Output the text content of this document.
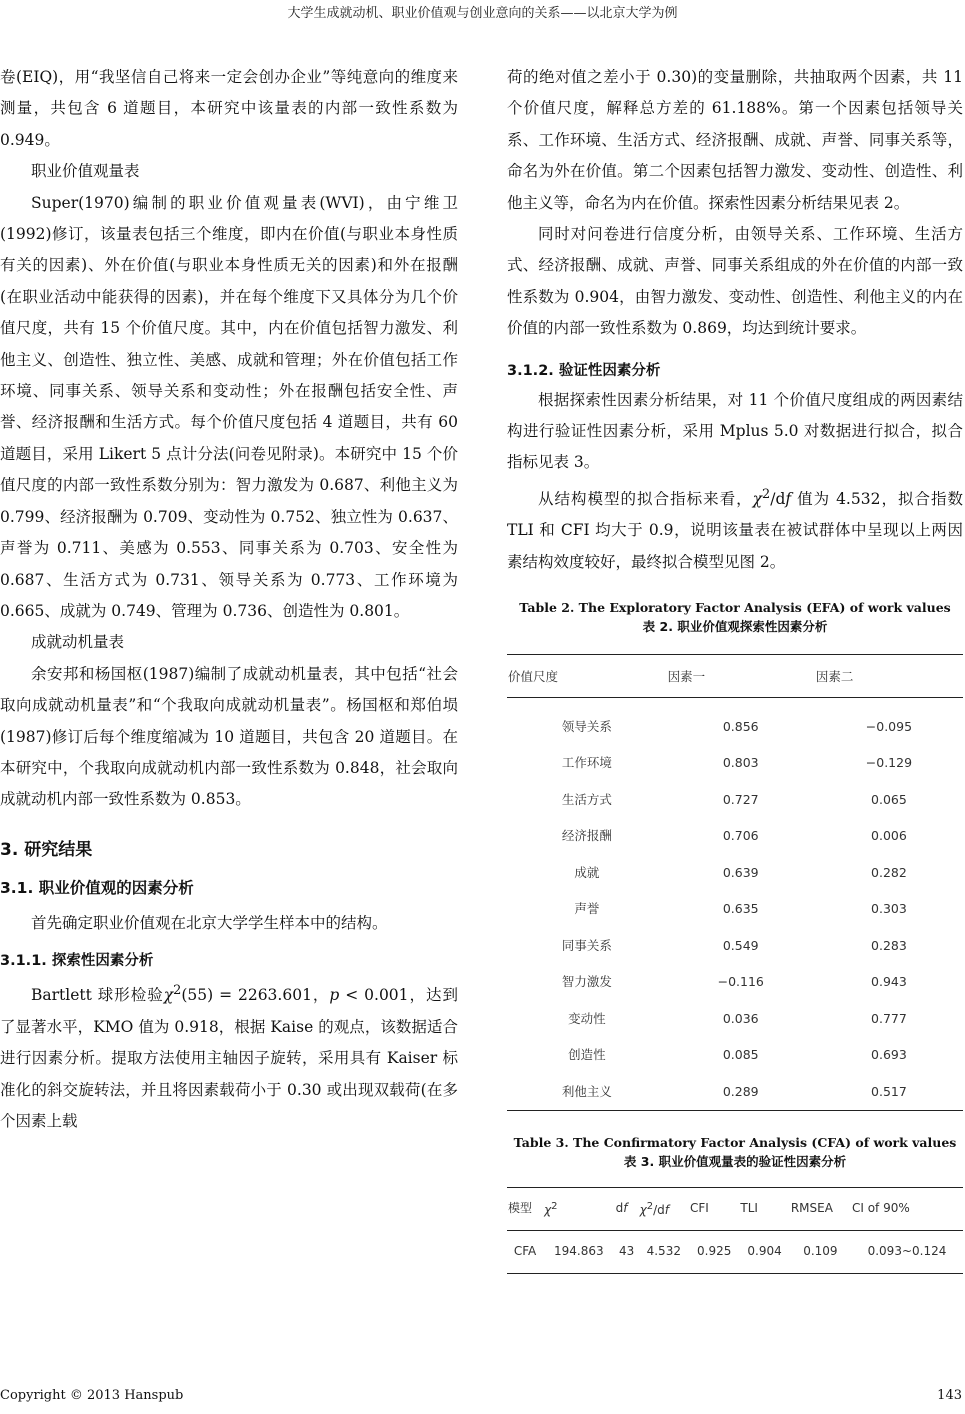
大学生成就动机、职业价值观与创业意向的关系——以北京大学为例

卷(EIQ)，用“我坚信自己将来一定会创办企业”等纯意向的维度来测量，共包含 6 道题目，本研究中该量表的内部一致性系数为 0.949。

职业价值观量表

Super(1970)编制的职业价值观量表(WVI)，由宁维卫(1992)修订，该量表包括三个维度，即内在价值(与职业本身性质有关的因素)、外在价值(与职业本身性质无关的因素)和外在报酬(在职业活动中能获得的因素)，并在每个维度下又具体分为几个价值尺度，共有 15 个价值尺度。其中，内在价值包括智力激发、利他主义、创造性、独立性、美感、成就和管理；外在价值包括工作环境、同事关系、领导关系和变动性；外在报酬包括安全性、声誉、经济报酬和生活方式。每个价值尺度包括 4 道题目，共有 60 道题目，采用 Likert 5 点计分法(问卷见附录)。本研究中 15 个价值尺度的内部一致性系数分别为：智力激发为 0.687、利他主义为 0.799、经济报酬为 0.709、变动性为 0.752、独立性为 0.637、声誉为 0.711、美感为 0.553、同事关系为 0.703、安全性为 0.687、生活方式为 0.731、领导关系为 0.773、工作环境为 0.665、成就为 0.749、管理为 0.736、创造性为 0.801。

成就动机量表

余安邦和杨国枢(1987)编制了成就动机量表，其中包括“社会取向成就动机量表”和“个我取向成就动机量表”。杨国枢和郑伯埙(1987)修订后每个维度缩减为 10 道题目，共包含 20 道题目。在本研究中，个我取向成就动机内部一致性系数为 0.848，社会取向成就动机内部一致性系数为 0.853。

3. 研究结果
3.1. 职业价值观的因素分析

首先确定职业价值观在北京大学学生样本中的结构。

3.1.1. 探索性因素分析

Bartlett 球形检验$\chi^2(55) = 2263.601$，p < 0.001，达到了显著水平，KMO 值为 0.918，根据 Kaise 的观点，该数据适合进行因素分析。提取方法使用主轴因子旋转，采用具有 Kaiser 标准化的斜交旋转法，并且将因素载荷小于 0.30 或出现双载荷(在多个因素上载

荷的绝对值之差小于 0.30)的变量删除，共抽取两个因素，共 11 个价值尺度，解释总方差的 61.188%。第一个因素包括领导关系、工作环境、生活方式、经济报酬、成就、声誉、同事关系等，命名为外在价值。第二个因素包括智力激发、变动性、创造性、利他主义等，命名为内在价值。探索性因素分析结果见表 2。

同时对问卷进行信度分析，由领导关系、工作环境、生活方式、经济报酬、成就、声誉、同事关系组成的外在价值的内部一致性系数为 0.904，由智力激发、变动性、创造性、利他主义的内在价值的内部一致性系数为 0.869，均达到统计要求。

3.1.2. 验证性因素分析

根据探索性因素分析结果，对 11 个价值尺度组成的两因素结构进行验证性因素分析，采用 Mplus 5.0 对数据进行拟合，拟合指标见表 3。

从结构模型的拟合指标来看，$\chi^2/df$ 值为 4.532，拟合指数 TLI 和 CFI 均大于 0.9，说明该量表在被试群体中呈现以上两因素结构效度较好，最终拟合模型见图 2。

Table 2. The Exploratory Factor Analysis (EFA) of work values
表 2. 职业价值观探索性因素分析
价值尺度	因素一	因素二

领导关系	0.856	−0.095
工作环境	0.803	−0.129
生活方式	0.727	0.065
经济报酬	0.706	0.006
成就	0.639	0.282
声誉	0.635	0.303
同事关系	0.549	0.283
智力激发	−0.116	0.943
变动性	0.036	0.777
创造性	0.085	0.693
利他主义	0.289	0.517
Table 3. The Confirmatory Factor Analysis (CFA) of work values
表 3. 职业价值观量表的验证性因素分析
模型	$\chi^2$	df	$\chi^2/df$	CFI	TLI	RMSEA	CI of 90%
CFA	194.863	43	4.532	0.925	0.904	0.109	0.093~0.124
Copyright © 2013 Hanspub	143
